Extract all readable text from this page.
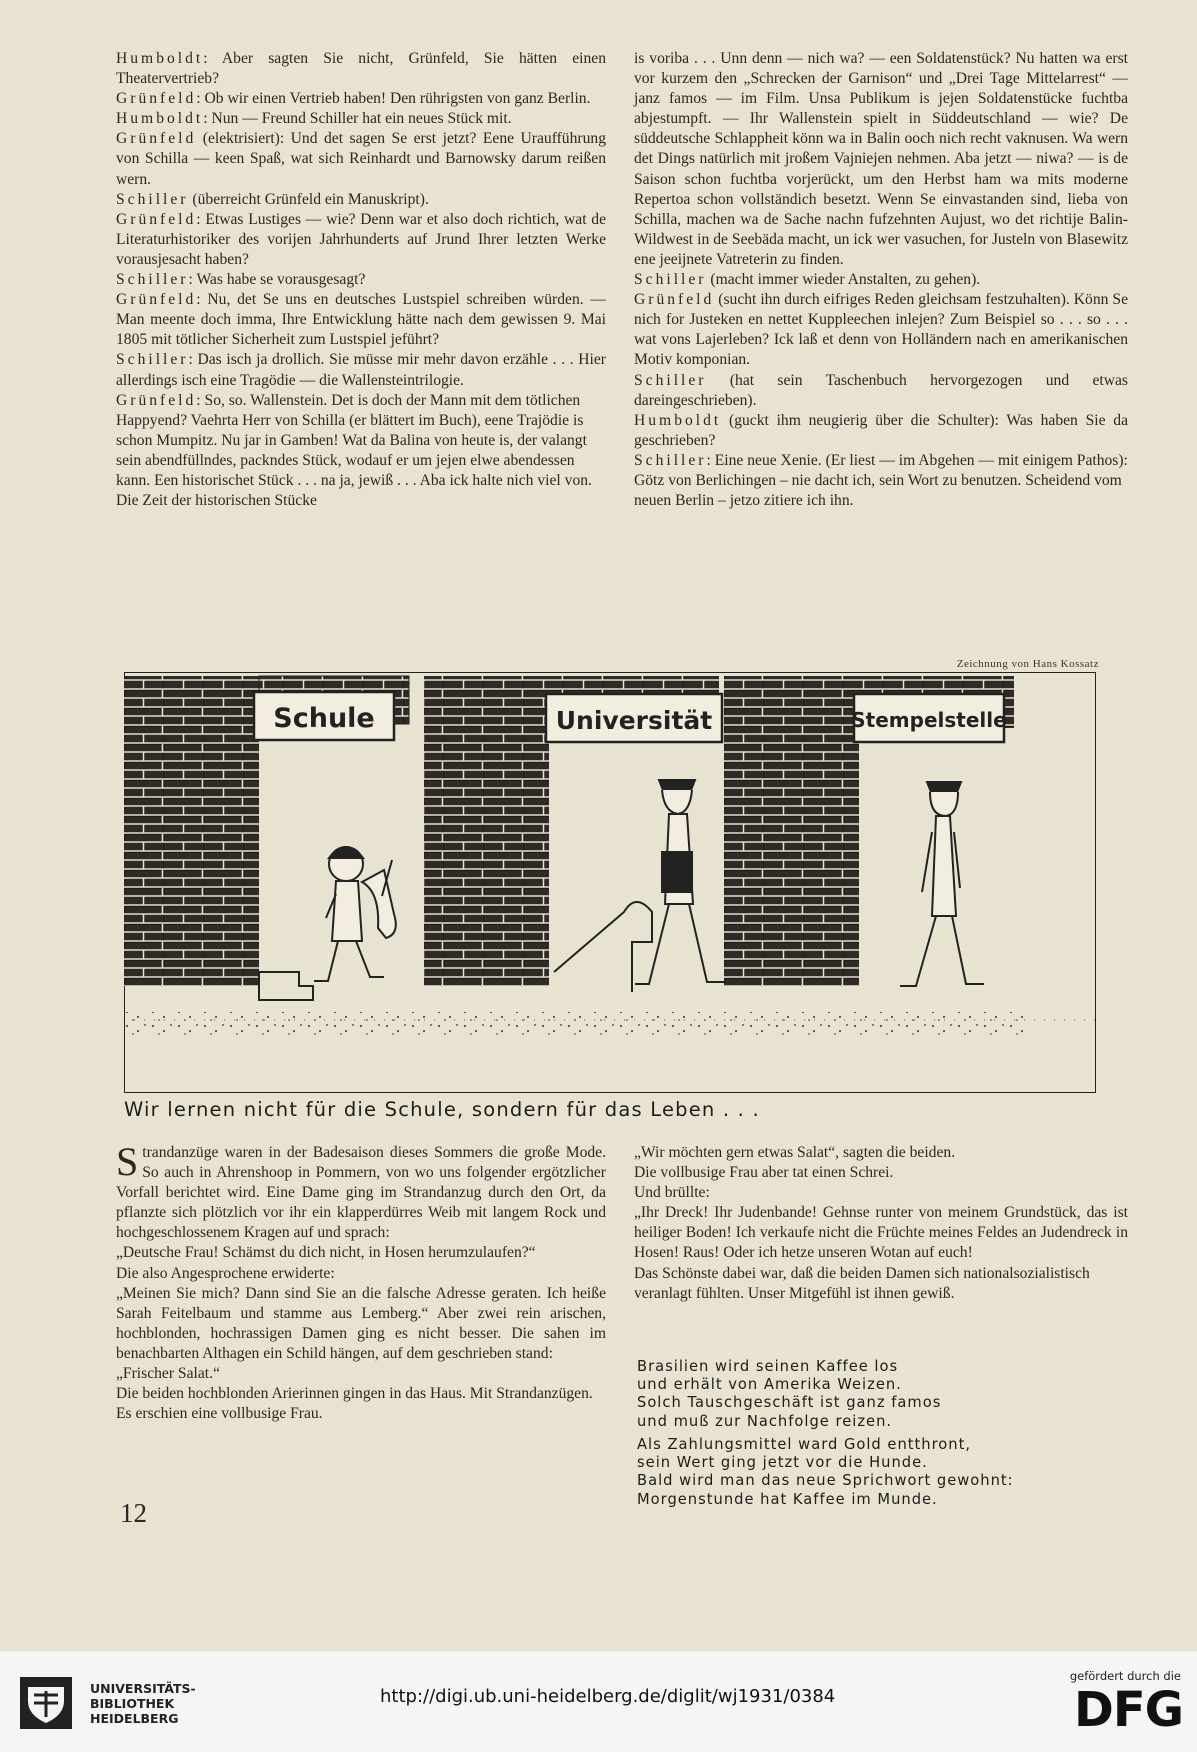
Humboldt: Aber sagten Sie nicht, Grünfeld, Sie hätten einen Theatervertrieb?

Grünfeld: Ob wir einen Vertrieb haben! Den rührigsten von ganz Berlin.

Humboldt: Nun — Freund Schiller hat ein neues Stück mit.

Grünfeld (elektrisiert): Und det sagen Se erst jetzt? Eene Uraufführung von Schilla — keen Spaß, wat sich Reinhardt und Barnowsky darum reißen wern.

Schiller (überreicht Grünfeld ein Manuskript).

Grünfeld: Etwas Lustiges — wie? Denn war et also doch richtich, wat de Literaturhistoriker des vorijen Jahrhunderts auf Jrund Ihrer letzten Werke vorausjesacht haben?

Schiller: Was habe se vorausgesagt?

Grünfeld: Nu, det Se uns en deutsches Lustspiel schreiben würden. — Man meente doch imma, Ihre Entwicklung hätte nach dem gewissen 9. Mai 1805 mit tötlicher Sicherheit zum Lustspiel jeführt?

Schiller: Das isch ja drollich. Sie müsse mir mehr davon erzähle . . . Hier allerdings isch eine Tragödie — die Wallensteintrilogie.

Grünfeld: So, so. Wallenstein. Det is doch der Mann mit dem tötlichen Happyend? Vaehrta Herr von Schilla (er blättert im Buch), eene Trajödie is schon Mumpitz. Nu jar in Gamben! Wat da Balina von heute is, der valangt sein abendfüllndes, packndes Stück, wodauf er um jejen elwe abendessen kann. Een historischet Stück . . . na ja, jewiß . . . Aba ick halte nich viel von. Die Zeit der historischen Stücke

is voriba . . . Unn denn — nich wa? — een Soldatenstück? Nu hatten wa erst vor kurzem den „Schrecken der Garnison“ und „Drei Tage Mittelarrest“ — janz famos — im Film. Unsa Publikum is jejen Soldatenstücke fuchtba abjestumpft. — Ihr Wallenstein spielt in Süddeutschland — wie? De süddeutsche Schlappheit könn wa in Balin ooch nich recht vaknusen. Wa wern det Dings natürlich mit jroßem Vajniejen nehmen. Aba jetzt — niwa? — is de Saison schon fuchtba vorjerückt, um den Herbst ham wa mits moderne Repertoa schon vollständich besetzt. Wenn Se einvastanden sind, lieba von Schilla, machen wa de Sache nachn fufzehnten Aujust, wo det richtije Balin-Wildwest in de Seebäda macht, un ick wer vasuchen, for Justeln von Blasewitz ene jeeijnete Vatreterin zu finden.

Schiller (macht immer wieder Anstalten, zu gehen).

Grünfeld (sucht ihn durch eifriges Reden gleichsam festzuhalten). Könn Se nich for Justeken en nettet Kuppleechen inlejen? Zum Beispiel so . . . so . . . wat vons Lajerleben? Ick laß et denn von Holländern nach en amerikanischen Motiv komponian.

Schiller (hat sein Taschenbuch hervorgezogen und etwas dareingeschrieben).

Humboldt (guckt ihm neugierig über die Schulter): Was haben Sie da geschrieben?

Schiller: Eine neue Xenie. (Er liest — im Abgehen — mit einigem Pathos):

Götz von Berlichingen – nie dacht ich, sein Wort zu benutzen. Scheidend vom neuen Berlin – jetzo zitiere ich ihn.

Zeichnung von Hans Kossatz
Schule	Universität	Stempelstelle
Wir lernen nicht für die Schule, sondern für das Leben . . .

Strandanzüge waren in der Badesaison dieses Sommers die große Mode. So auch in Ahrenshoop in Pommern, von wo uns folgender ergötzlicher Vorfall berichtet wird. Eine Dame ging im Strandanzug durch den Ort, da pflanzte sich plötzlich vor ihr ein klapperdürres Weib mit langem Rock und hochgeschlossenem Kragen auf und sprach:

„Deutsche Frau! Schämst du dich nicht, in Hosen herumzulaufen?“

Die also Angesprochene erwiderte:

„Meinen Sie mich? Dann sind Sie an die falsche Adresse geraten. Ich heiße Sarah Feitelbaum und stamme aus Lemberg.“ Aber zwei rein arischen, hochblonden, hochrassigen Damen ging es nicht besser. Die sahen im benachbarten Althagen ein Schild hängen, auf dem geschrieben stand:

„Frischer Salat.“

Die beiden hochblonden Arierinnen gingen in das Haus. Mit Strandanzügen. Es erschien eine vollbusige Frau.

„Wir möchten gern etwas Salat“, sagten die beiden.

Die vollbusige Frau aber tat einen Schrei.

Und brüllte:

„Ihr Dreck! Ihr Judenbande! Gehnse runter von meinem Grundstück, das ist heiliger Boden! Ich verkaufe nicht die Früchte meines Feldes an Judendreck in Hosen! Raus! Oder ich hetze unseren Wotan auf euch!

Das Schönste dabei war, daß die beiden Damen sich nationalsozialistisch veranlagt fühlten. Unser Mitgefühl ist ihnen gewiß.

Brasilien wird seinen Kaffee los

und erhält von Amerika Weizen.

Solch Tauschgeschäft ist ganz famos

und muß zur Nachfolge reizen.

Als Zahlungsmittel ward Gold entthront,

sein Wert ging jetzt vor die Hunde.

Bald wird man das neue Sprichwort gewohnt:

Morgenstunde hat Kaffee im Munde.

12
UNIVERSITÄTS-
BIBLIOTHEK
HEIDELBERG
http://digi.ub.uni-heidelberg.de/diglit/wj1931/0384
gefördert durch die
DFG
